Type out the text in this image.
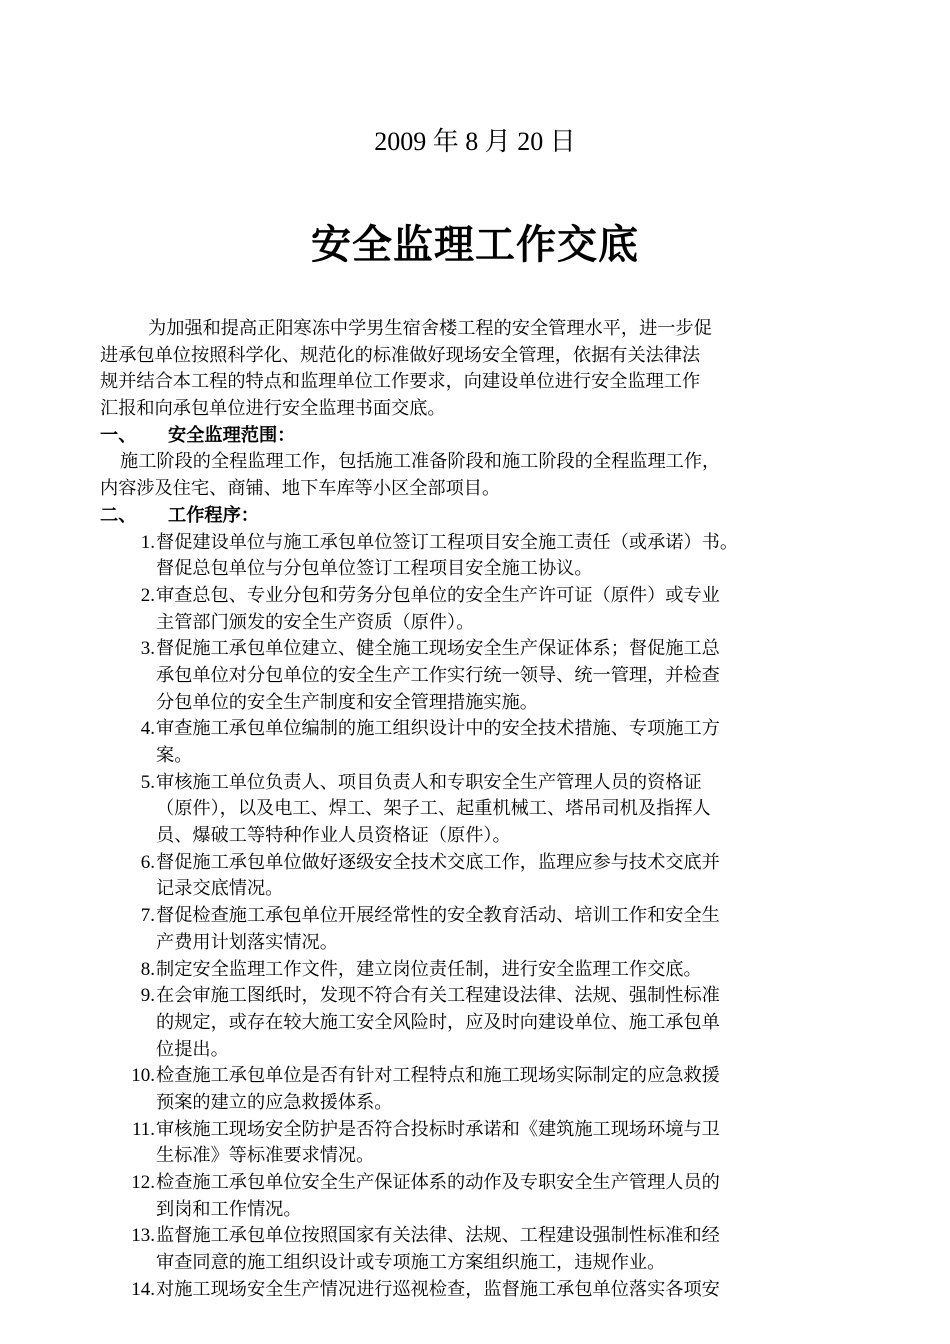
2009 年 8 月 20 日
安全监理工作交底
为加强和提高正阳寒冻中学男生宿舍楼工程的安全管理水平，进一步促
进承包单位按照科学化、规范化的标准做好现场安全管理，依据有关法律法
规并结合本工程的特点和监理单位工作要求，向建设单位进行安全监理工作
汇报和向承包单位进行安全监理书面交底。
一、 安全监理范围：
施工阶段的全程监理工作，包括施工准备阶段和施工阶段的全程监理工作，
内容涉及住宅、商铺、地下车库等小区全部项目。
二、 工作程序：
1. 督促建设单位与施工承包单位签订工程项目安全施工责任（或承诺）书。
督促总包单位与分包单位签订工程项目安全施工协议。
2. 审查总包、专业分包和劳务分包单位的安全生产许可证（原件）或专业
主管部门颁发的安全生产资质（原件）。
3. 督促施工承包单位建立、健全施工现场安全生产保证体系；督促施工总
承包单位对分包单位的安全生产工作实行统一领导、统一管理，并检查
分包单位的安全生产制度和安全管理措施实施。
4. 审查施工承包单位编制的施工组织设计中的安全技术措施、专项施工方
案。
5. 审核施工单位负责人、项目负责人和专职安全生产管理人员的资格证
（原件），以及电工、焊工、架子工、起重机械工、塔吊司机及指挥人
员、爆破工等特种作业人员资格证（原件）。
6. 督促施工承包单位做好逐级安全技术交底工作，监理应参与技术交底并
记录交底情况。
7. 督促检查施工承包单位开展经常性的安全教育活动、培训工作和安全生
产费用计划落实情况。
8. 制定安全监理工作文件，建立岗位责任制，进行安全监理工作交底。
9. 在会审施工图纸时，发现不符合有关工程建设法律、法规、强制性标准
的规定，或存在较大施工安全风险时，应及时向建设单位、施工承包单
位提出。
10. 检查施工承包单位是否有针对工程特点和施工现场实际制定的应急救援
预案的建立的应急救援体系。
11. 审核施工现场安全防护是否符合投标时承诺和《建筑施工现场环境与卫
生标准》等标准要求情况。
12. 检查施工承包单位安全生产保证体系的动作及专职安全生产管理人员的
到岗和工作情况。
13. 监督施工承包单位按照国家有关法律、法规、工程建设强制性标准和经
审查同意的施工组织设计或专项施工方案组织施工，违规作业。
14. 对施工现场安全生产情况进行巡视检查，监督施工承包单位落实各项安
